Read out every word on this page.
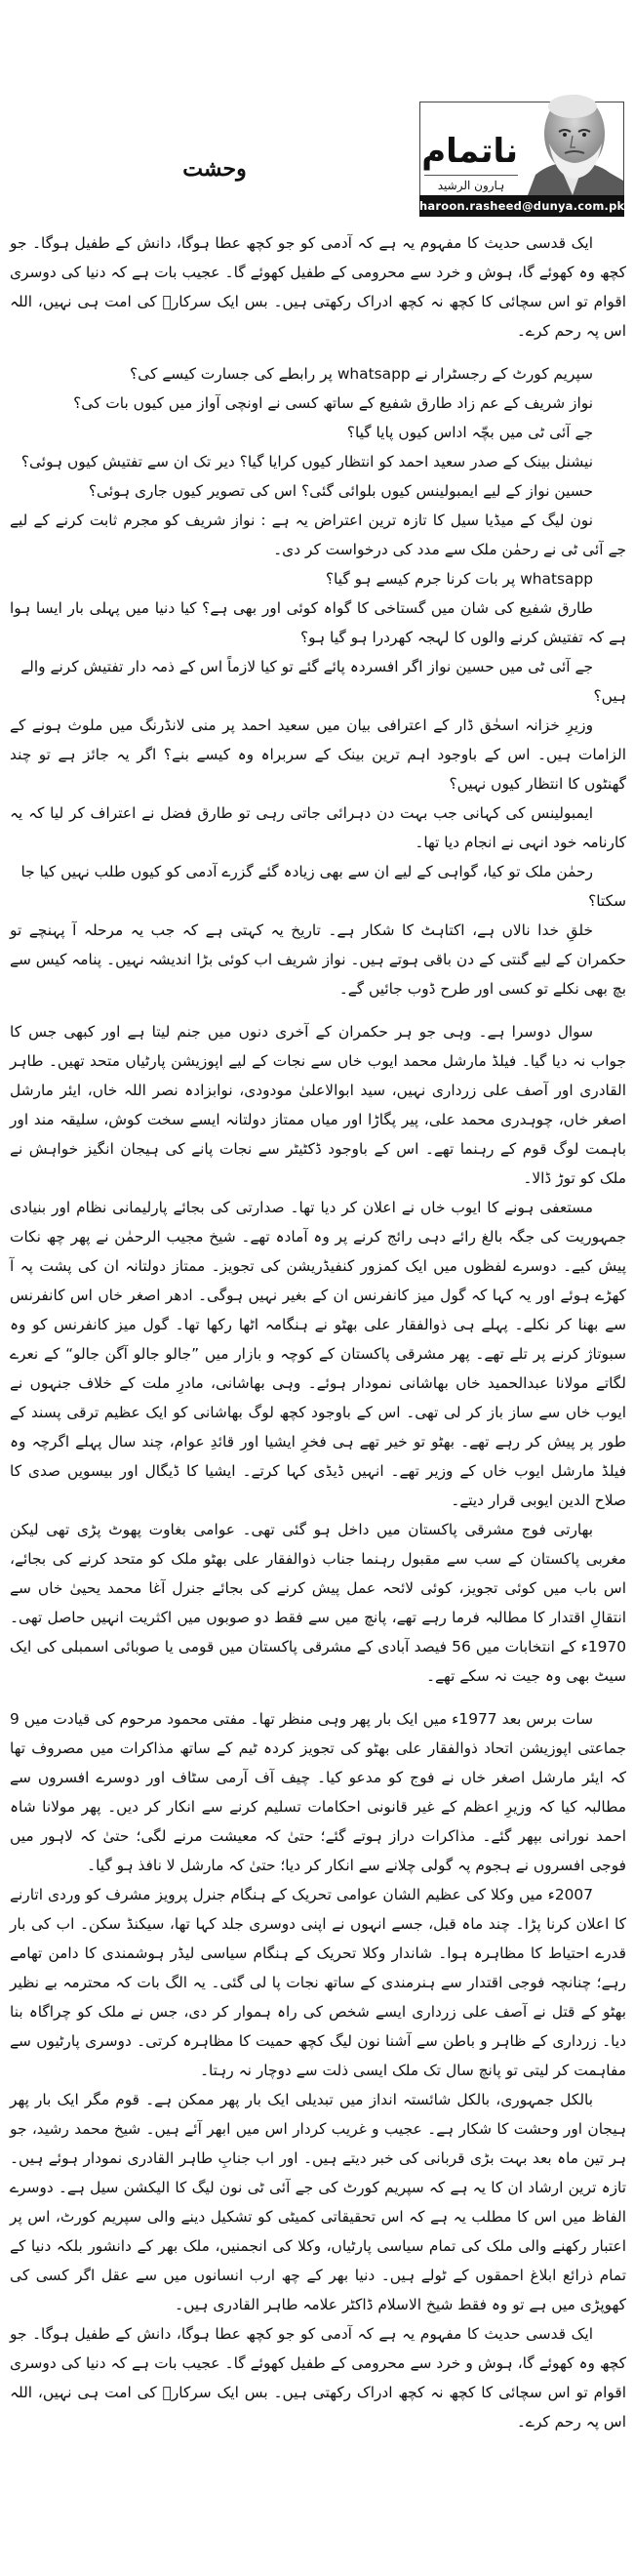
ناتمام
ہارون الرشید
haroon.rasheed@dunya.com.pk
وحشت

ایک قدسی حدیث کا مفہوم یہ ہے کہ آدمی کو جو کچھ عطا ہوگا، دانش کے طفیل ہوگا۔ جو کچھ وہ کھوئے گا، ہوش و خرد سے محرومی کے طفیل کھوئے گا۔ عجیب بات ہے کہ دنیا کی دوسری اقوام تو اس سچائی کا کچھ نہ کچھ ادراک رکھتی ہیں۔ بس ایک سرکارؐ کی امت ہی نہیں، اللہ اس پہ رحم کرے۔

سپریم کورٹ کے رجسٹرار نے whatsapp پر رابطے کی جسارت کیسے کی؟

نواز شریف کے عم زاد طارق شفیع کے ساتھ کسی نے اونچی آواز میں کیوں بات کی؟

جے آئی ٹی میں بچّہ اداس کیوں پایا گیا؟

نیشنل بینک کے صدر سعید احمد کو انتظار کیوں کرایا گیا؟ دیر تک ان سے تفتیش کیوں ہوئی؟

حسین نواز کے لیے ایمبولینس کیوں بلوائی گئی؟ اس کی تصویر کیوں جاری ہوئی؟

نون لیگ کے میڈیا سیل کا تازہ ترین اعتراض یہ ہے : نواز شریف کو مجرم ثابت کرنے کے لیے جے آئی ٹی نے رحمٰن ملک سے مدد کی درخواست کر دی۔

whatsapp پر بات کرنا جرم کیسے ہو گیا؟

طارق شفیع کی شان میں گستاخی کا گواہ کوئی اور بھی ہے؟ کیا دنیا میں پہلی بار ایسا ہوا ہے کہ تفتیش کرنے والوں کا لہجہ کھردرا ہو گیا ہو؟

جے آئی ٹی میں حسین نواز اگر افسردہ پائے گئے تو کیا لازماً اس کے ذمہ دار تفتیش کرنے والے ہیں؟

وزیرِ خزانہ اسحٰق ڈار کے اعترافی بیان میں سعید احمد پر منی لانڈرنگ میں ملوث ہونے کے الزامات ہیں۔ اس کے باوجود اہم ترین بینک کے سربراہ وہ کیسے بنے؟ اگر یہ جائز ہے تو چند گھنٹوں کا انتظار کیوں نہیں؟

ایمبولینس کی کہانی جب بہت دن دہرائی جاتی رہی تو طارق فضل نے اعتراف کر لیا کہ یہ کارنامہ خود انہی نے انجام دیا تھا۔

رحمٰن ملک تو کیا، گواہی کے لیے ان سے بھی زیادہ گئے گزرے آدمی کو کیوں طلب نہیں کیا جا سکتا؟

خلقِ خدا نالاں ہے، اکتاہٹ کا شکار ہے۔ تاریخ یہ کہتی ہے کہ جب یہ مرحلہ آ پہنچے تو حکمران کے لیے گنتی کے دن باقی ہوتے ہیں۔ نواز شریف اب کوئی بڑا اندیشہ نہیں۔ پنامہ کیس سے بچ بھی نکلے تو کسی اور طرح ڈوب جائیں گے۔

سوال دوسرا ہے۔ وہی جو ہر حکمران کے آخری دنوں میں جنم لیتا ہے اور کبھی جس کا جواب نہ دیا گیا۔ فیلڈ مارشل محمد ایوب خاں سے نجات کے لیے اپوزیشن پارٹیاں متحد تھیں۔ طاہر القادری اور آصف علی زرداری نہیں، سید ابوالاعلیٰ مودودی، نوابزادہ نصر اللہ خاں، ایئر مارشل اصغر خاں، چوہدری محمد علی، پیر پگاڑا اور میاں ممتاز دولتانہ ایسے سخت کوش، سلیقہ مند اور باہمت لوگ قوم کے رہنما تھے۔ اس کے باوجود ڈکٹیٹر سے نجات پانے کی ہیجان انگیز خواہش نے ملک کو توڑ ڈالا۔

مستعفی ہونے کا ایوب خاں نے اعلان کر دیا تھا۔ صدارتی کی بجائے پارلیمانی نظام اور بنیادی جمہوریت کی جگہ بالغ رائے دہی رائج کرنے پر وہ آمادہ تھے۔ شیخ مجیب الرحمٰن نے پھر چھ نکات پیش کیے۔ دوسرے لفظوں میں ایک کمزور کنفیڈریشن کی تجویز۔ ممتاز دولتانہ ان کی پشت پہ آ کھڑے ہوئے اور یہ کہا کہ گول میز کانفرنس ان کے بغیر نہیں ہوگی۔ ادھر اصغر خاں اس کانفرنس سے بھنا کر نکلے۔ پہلے ہی ذوالفقار علی بھٹو نے ہنگامہ اٹھا رکھا تھا۔ گول میز کانفرنس کو وہ سبوتاژ کرنے پر تلے تھے۔ پھر مشرقی پاکستان کے کوچہ و بازار میں ”جالو جالو آگن جالو“ کے نعرے لگاتے مولانا عبدالحمید خاں بھاشانی نمودار ہوئے۔ وہی بھاشانی، مادرِ ملت کے خلاف جنہوں نے ایوب خاں سے ساز باز کر لی تھی۔ اس کے باوجود کچھ لوگ بھاشانی کو ایک عظیم ترقی پسند کے طور پر پیش کر رہے تھے۔ بھٹو تو خیر تھے ہی فخرِ ایشیا اور قائدِ عوام، چند سال پہلے اگرچہ وہ فیلڈ مارشل ایوب خاں کے وزیر تھے۔ انہیں ڈیڈی کہا کرتے۔ ایشیا کا ڈیگال اور بیسویں صدی کا صلاح الدین ایوبی قرار دیتے۔

بھارتی فوج مشرقی پاکستان میں داخل ہو گئی تھی۔ عوامی بغاوت پھوٹ پڑی تھی لیکن مغربی پاکستان کے سب سے مقبول رہنما جناب ذوالفقار علی بھٹو ملک کو متحد کرنے کی بجائے، اس باب میں کوئی تجویز، کوئی لائحہ عمل پیش کرنے کی بجائے جنرل آغا محمد یحییٰ خاں سے انتقالِ اقتدار کا مطالبہ فرما رہے تھے، پانچ میں سے فقط دو صوبوں میں اکثریت انہیں حاصل تھی۔ 1970ء کے انتخابات میں 56 فیصد آبادی کے مشرقی پاکستان میں قومی یا صوبائی اسمبلی کی ایک سیٹ بھی وہ جیت نہ سکے تھے۔

سات برس بعد 1977ء میں ایک بار پھر وہی منظر تھا۔ مفتی محمود مرحوم کی قیادت میں 9 جماعتی اپوزیشن اتحاد ذوالفقار علی بھٹو کی تجویز کردہ ٹیم کے ساتھ مذاکرات میں مصروف تھا کہ ایئر مارشل اصغر خاں نے فوج کو مدعو کیا۔ چیف آف آرمی سٹاف اور دوسرے افسروں سے مطالبہ کیا کہ وزیرِ اعظم کے غیر قانونی احکامات تسلیم کرنے سے انکار کر دیں۔ پھر مولانا شاہ احمد نورانی بپھر گئے۔ مذاکرات دراز ہوتے گئے؛ حتیٰ کہ معیشت مرنے لگی؛ حتیٰ کہ لاہور میں فوجی افسروں نے ہجوم پہ گولی چلانے سے انکار کر دیا؛ حتیٰ کہ مارشل لا نافذ ہو گیا۔

2007ء میں وکلا کی عظیم الشان عوامی تحریک کے ہنگام جنرل پرویز مشرف کو وردی اتارنے کا اعلان کرنا پڑا۔ چند ماہ قبل، جسے انہوں نے اپنی دوسری جلد کہا تھا، سیکنڈ سکن۔ اب کی بار قدرے احتیاط کا مظاہرہ ہوا۔ شاندار وکلا تحریک کے ہنگام سیاسی لیڈر ہوشمندی کا دامن تھامے رہے؛ چنانچہ فوجی اقتدار سے ہنرمندی کے ساتھ نجات پا لی گئی۔ یہ الگ بات کہ محترمہ بے نظیر بھٹو کے قتل نے آصف علی زرداری ایسے شخص کی راہ ہموار کر دی، جس نے ملک کو چراگاہ بنا دیا۔ زرداری کے ظاہر و باطن سے آشنا نون لیگ کچھ حمیت کا مظاہرہ کرتی۔ دوسری پارٹیوں سے مفاہمت کر لیتی تو پانچ سال تک ملک ایسی ذلت سے دوچار نہ رہتا۔

بالکل جمہوری، بالکل شائستہ انداز میں تبدیلی ایک بار پھر ممکن ہے۔ قوم مگر ایک بار پھر ہیجان اور وحشت کا شکار ہے۔ عجیب و غریب کردار اس میں ابھر آئے ہیں۔ شیخ محمد رشید، جو ہر تین ماہ بعد بہت بڑی قربانی کی خبر دیتے ہیں۔ اور اب جنابِ طاہر القادری نمودار ہوئے ہیں۔ تازہ ترین ارشاد ان کا یہ ہے کہ سپریم کورٹ کی جے آئی ٹی نون لیگ کا الیکشن سیل ہے۔ دوسرے الفاظ میں اس کا مطلب یہ ہے کہ اس تحقیقاتی کمیٹی کو تشکیل دینے والی سپریم کورٹ، اس پر اعتبار رکھنے والی ملک کی تمام سیاسی پارٹیاں، وکلا کی انجمنیں، ملک بھر کے دانشور بلکہ دنیا کے تمام ذرائع ابلاغ احمقوں کے ٹولے ہیں۔ دنیا بھر کے چھ ارب انسانوں میں سے عقل اگر کسی کی کھوپڑی میں ہے تو وہ فقط شیخ الاسلام ڈاکٹر علامہ طاہر القادری ہیں۔

ایک قدسی حدیث کا مفہوم یہ ہے کہ آدمی کو جو کچھ عطا ہوگا، دانش کے طفیل ہوگا۔ جو کچھ وہ کھوئے گا، ہوش و خرد سے محرومی کے طفیل کھوئے گا۔ عجیب بات ہے کہ دنیا کی دوسری اقوام تو اس سچائی کا کچھ نہ کچھ ادراک رکھتی ہیں۔ بس ایک سرکارؐ کی امت ہی نہیں، اللہ اس پہ رحم کرے۔
